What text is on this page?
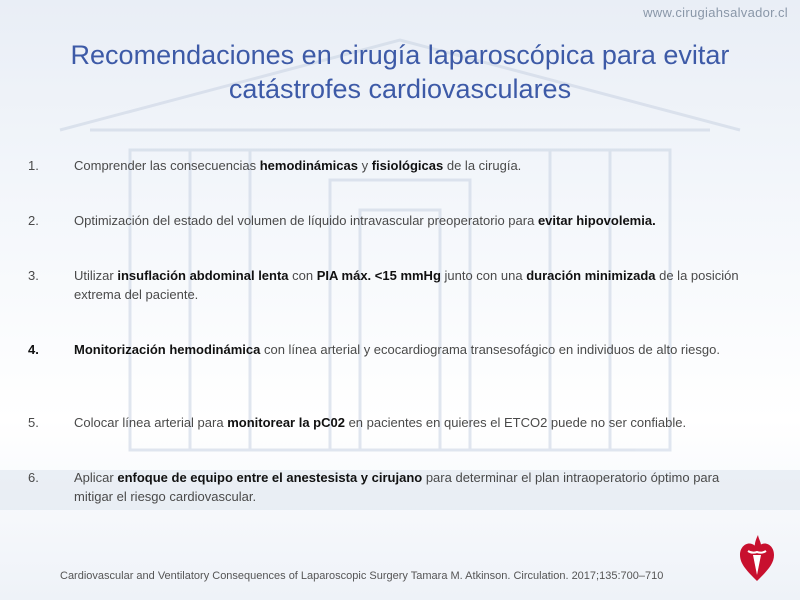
www.cirugiahsalvador.cl
Recomendaciones en cirugía laparoscópica para evitar
catástrofes cardiovasculares
1.	Comprender las consecuencias hemodinámicas y fisiológicas de la cirugía.
2.	Optimización del estado del volumen de líquido intravascular preoperatorio para evitar hipovolemia.
3.	Utilizar insuflación abdominal lenta con PIA máx. <15 mmHg junto con una duración minimizada de la posición extrema del paciente.
4.	Monitorización hemodinámica con línea arterial y ecocardiograma transesofágico en individuos de alto riesgo.
5.	Colocar línea arterial para monitorear la pC02 en pacientes en quieres el ETCO2 puede no ser confiable.
6.	Aplicar enfoque de equipo entre el anestesista y cirujano para determinar el plan intraoperatorio óptimo para mitigar el riesgo cardiovascular.
Cardiovascular and Ventilatory Consequences of Laparoscopic Surgery Tamara M. Atkinson. Circulation. 2017;135:700–710
